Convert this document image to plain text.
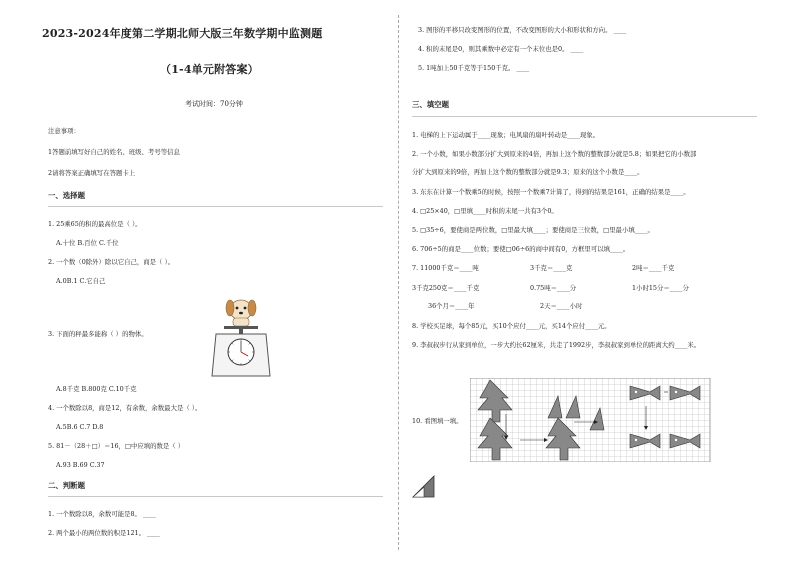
2023-2024年度第二学期北师大版三年数学期中监测题
（1-4单元附答案）
考试时间：70分钟
注意事项：
1答题前填写好自己的姓名、班级、考号等信息
2请将答案正确填写在答题卡上
一、选择题
1. 25乘65的积的最高位是（ ）。
A.十位 B.百位 C.千位
2. 一个数（0除外）除以它自己，商是（ ）。
A.0B.1 C.它自己
3. 下面的秤最多能称（ ）的物体。
A.8千克 B.800克 C.10千克
4. 一个数除以8，商是12，有余数，余数最大是（ ）。
A.5B.6 C.7 D.8
5. 81－（28＋□）＝16，□中应填的数是（ ）
A.93 B.69 C.37
二、判断题
1. 一个数除以8，余数可能是8。 ____
2. 两个最小的两位数的积是121。 ____
3. 图形的平移只改变图形的位置，不改变图形的大小和形状和方向。 ____
4. 积的末尾是0，则其乘数中必定有一个末位也是0。 ____
5. 1吨加上50千克等于150千克。 ____
三、填空题
1. 电梯的上下运动属于____现象；电风扇的扇叶转动是____现象。
2. 一个小数，如果小数部分扩大到原来的4倍，再加上这个数的整数部分就是5.8；如果把它的小数部
分扩大到原来的9倍，再加上这个数的整数部分就是9.3；原来的这个小数是____。
3. 东东在计算一个数乘5的时候，按照一个数乘7计算了，得到的结果是161，正确的结果是____。
4. □25×40，□里填____时积的末尾一共有3个0。
5. □35÷6，要使商是两位数，□里最大填____；要使商是三位数，□里最小填____。
6. 706÷5的商是____位数；要使□06÷6的商中间有0，方框里可以填____。
7. 11000千克＝____吨	3千克＝____克	2吨＝____千克
3千克250克＝____千克	0.75吨＝____分	1小时15分＝____分
36个月＝____年	2天＝____小时
8. 学校买足球，每个85元，买10个应付____元，买14个应付____元。
9. 李叔叔步行从家到单位，一步大约长62厘米，共走了1992步，李叔叔家到单位的距离大约____米。
10. 看图填一填。
